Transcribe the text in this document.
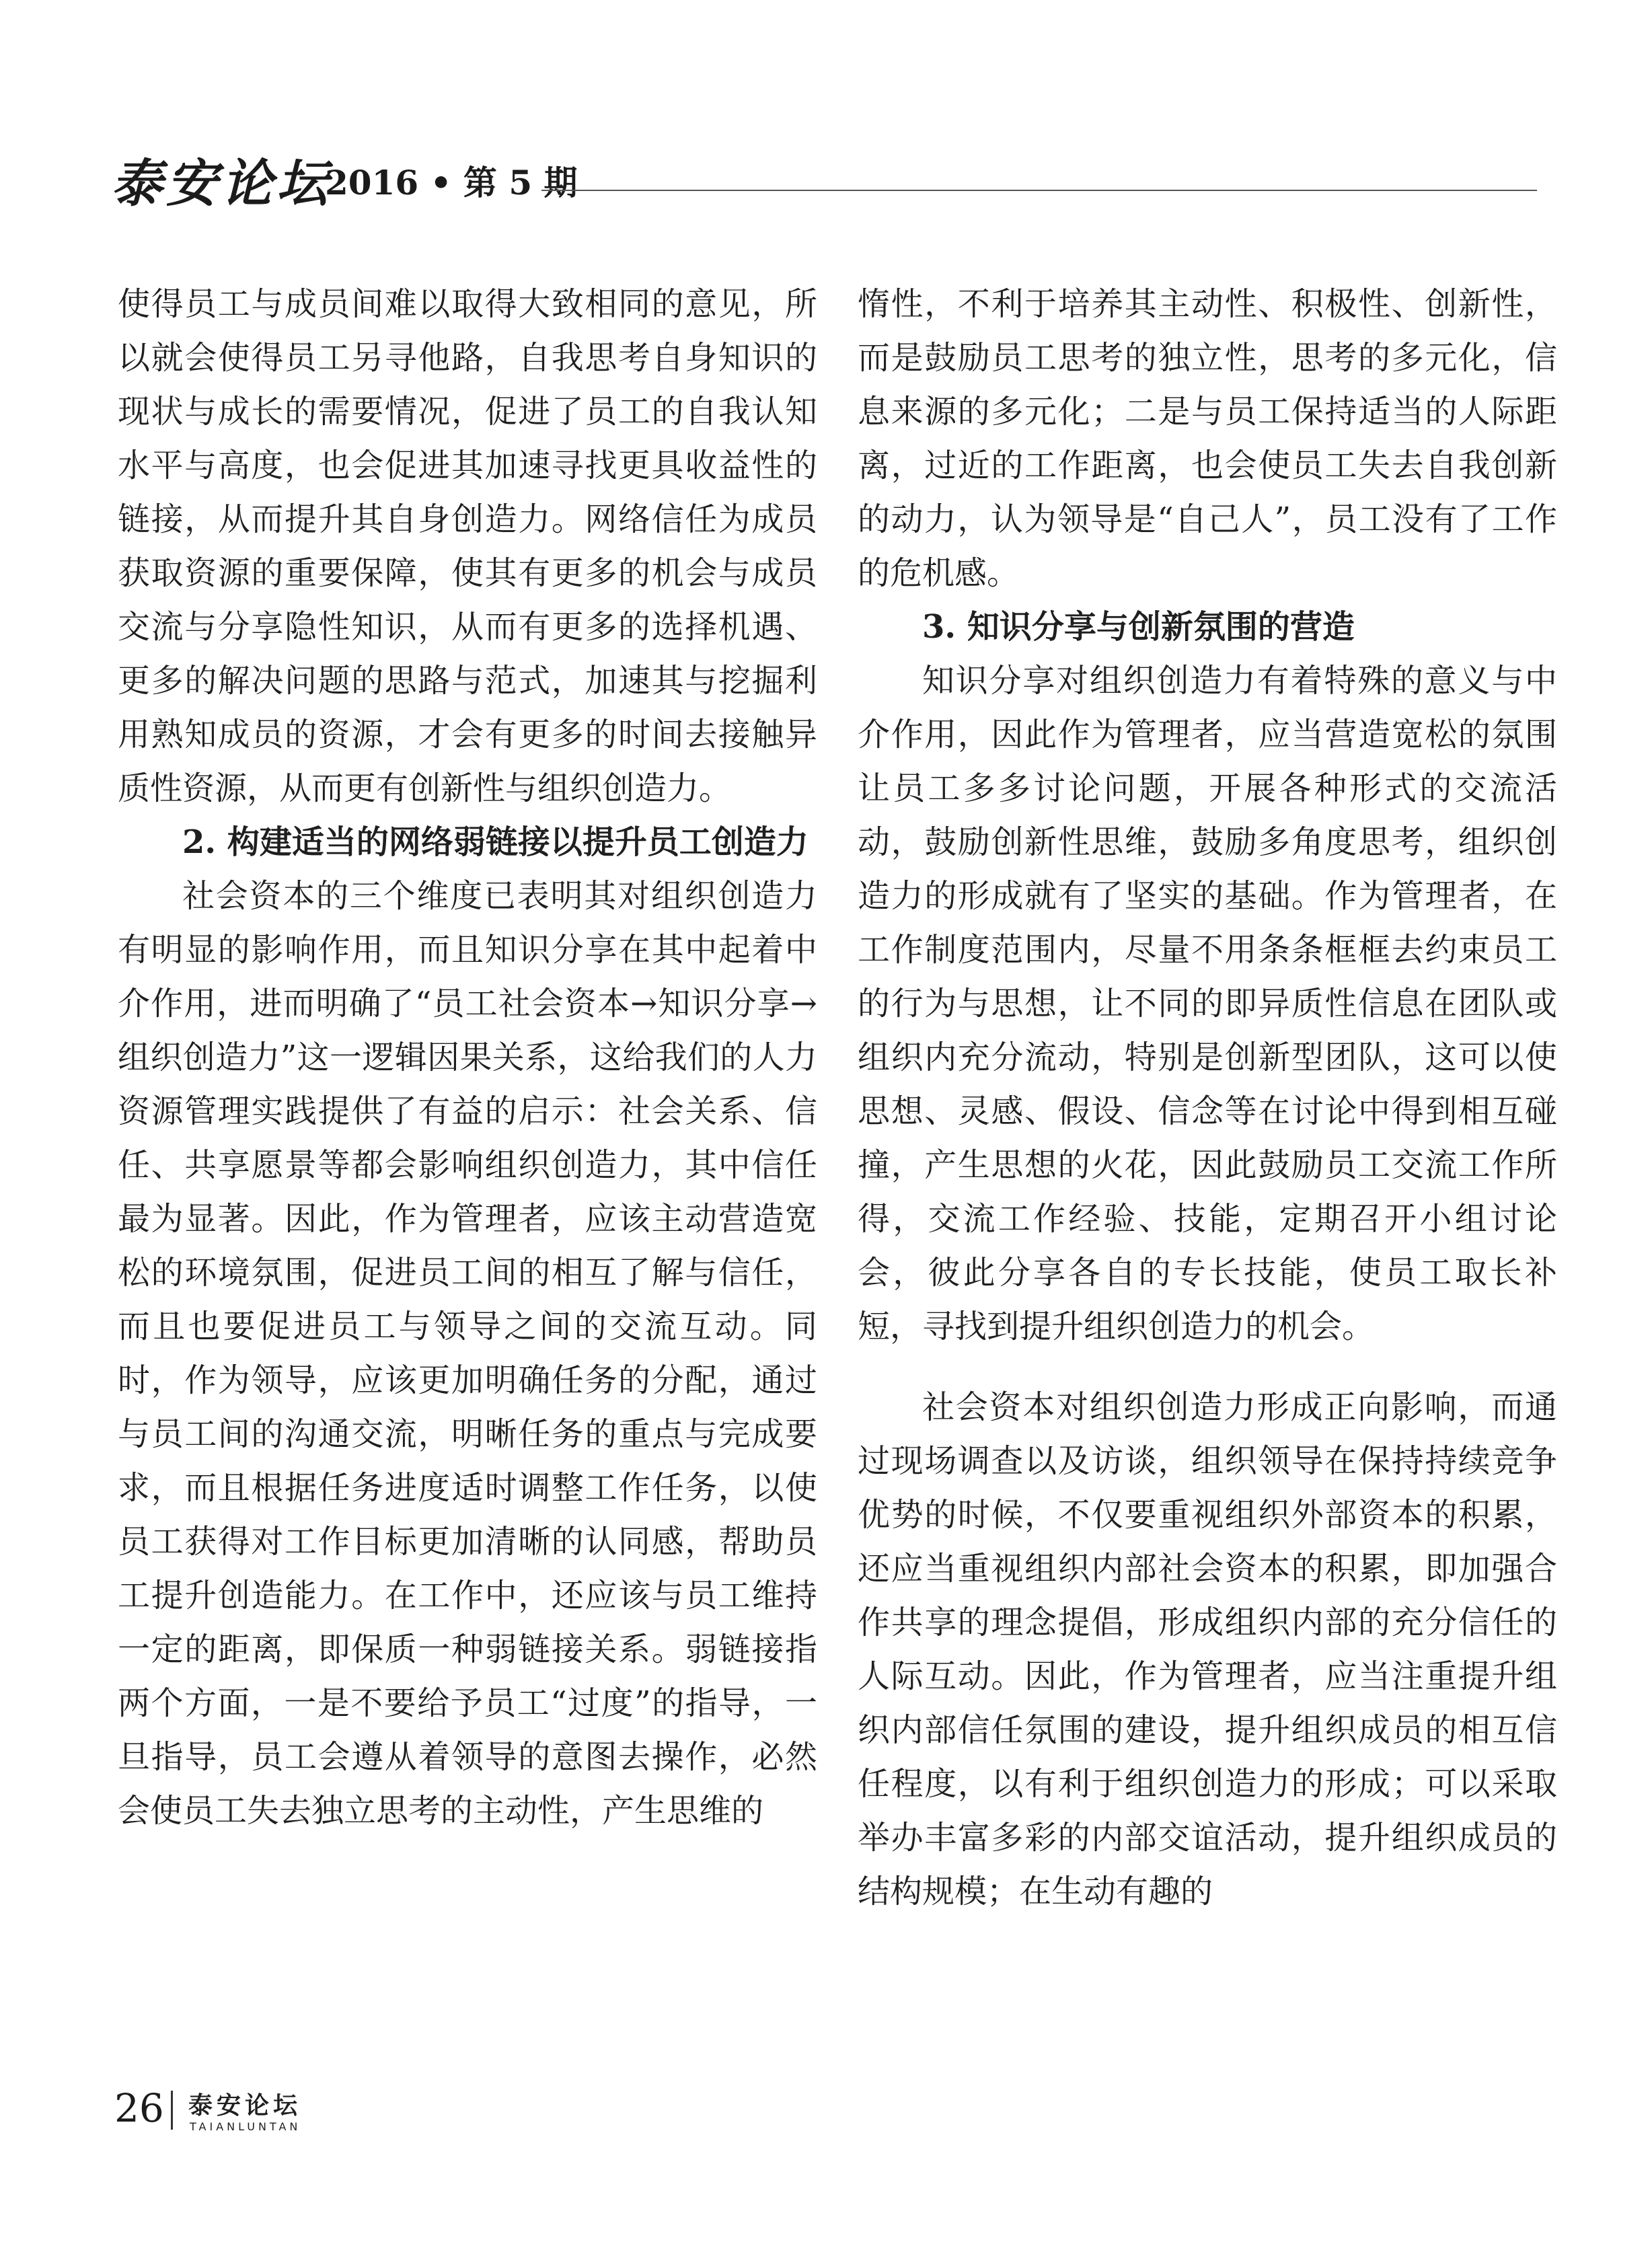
泰安论坛
2016 • 第 5 期

使得员工与成员间难以取得大致相同的意见，所以就会使得员工另寻他路，自我思考自身知识的现状与成长的需要情况，促进了员工的自我认知水平与高度，也会促进其加速寻找更具收益性的链接，从而提升其自身创造力。网络信任为成员获取资源的重要保障，使其有更多的机会与成员交流与分享隐性知识，从而有更多的选择机遇、更多的解决问题的思路与范式，加速其与挖掘利用熟知成员的资源，才会有更多的时间去接触异质性资源，从而更有创新性与组织创造力。

2. 构建适当的网络弱链接以提升员工创造力

社会资本的三个维度已表明其对组织创造力有明显的影响作用，而且知识分享在其中起着中介作用，进而明确了“员工社会资本→知识分享→组织创造力”这一逻辑因果关系，这给我们的人力资源管理实践提供了有益的启示：社会关系、信任、共享愿景等都会影响组织创造力，其中信任最为显著。因此，作为管理者，应该主动营造宽松的环境氛围，促进员工间的相互了解与信任，而且也要促进员工与领导之间的交流互动。同时，作为领导，应该更加明确任务的分配，通过与员工间的沟通交流，明晰任务的重点与完成要求，而且根据任务进度适时调整工作任务，以使员工获得对工作目标更加清晰的认同感，帮助员工提升创造能力。在工作中，还应该与员工维持一定的距离，即保质一种弱链接关系。弱链接指两个方面，一是不要给予员工“过度”的指导，一旦指导，员工会遵从着领导的意图去操作，必然会使员工失去独立思考的主动性，产生思维的

惰性，不利于培养其主动性、积极性、创新性，而是鼓励员工思考的独立性，思考的多元化，信息来源的多元化；二是与员工保持适当的人际距离，过近的工作距离，也会使员工失去自我创新的动力，认为领导是“自己人”，员工没有了工作的危机感。

3. 知识分享与创新氛围的营造

知识分享对组织创造力有着特殊的意义与中介作用，因此作为管理者，应当营造宽松的氛围让员工多多讨论问题，开展各种形式的交流活动，鼓励创新性思维，鼓励多角度思考，组织创造力的形成就有了坚实的基础。作为管理者，在工作制度范围内，尽量不用条条框框去约束员工的行为与思想，让不同的即异质性信息在团队或组织内充分流动，特别是创新型团队，这可以使思想、灵感、假设、信念等在讨论中得到相互碰撞，产生思想的火花，因此鼓励员工交流工作所得，交流工作经验、技能，定期召开小组讨论会，彼此分享各自的专长技能，使员工取长补短，寻找到提升组织创造力的机会。

社会资本对组织创造力形成正向影响，而通过现场调查以及访谈，组织领导在保持持续竞争优势的时候，不仅要重视组织外部资本的积累，还应当重视组织内部社会资本的积累，即加强合作共享的理念提倡，形成组织内部的充分信任的人际互动。因此，作为管理者，应当注重提升组织内部信任氛围的建设，提升组织成员的相互信任程度，以有利于组织创造力的形成；可以采取举办丰富多彩的内部交谊活动，提升组织成员的结构规模；在生动有趣的

26 泰安论坛
TAIANLUNTAN
